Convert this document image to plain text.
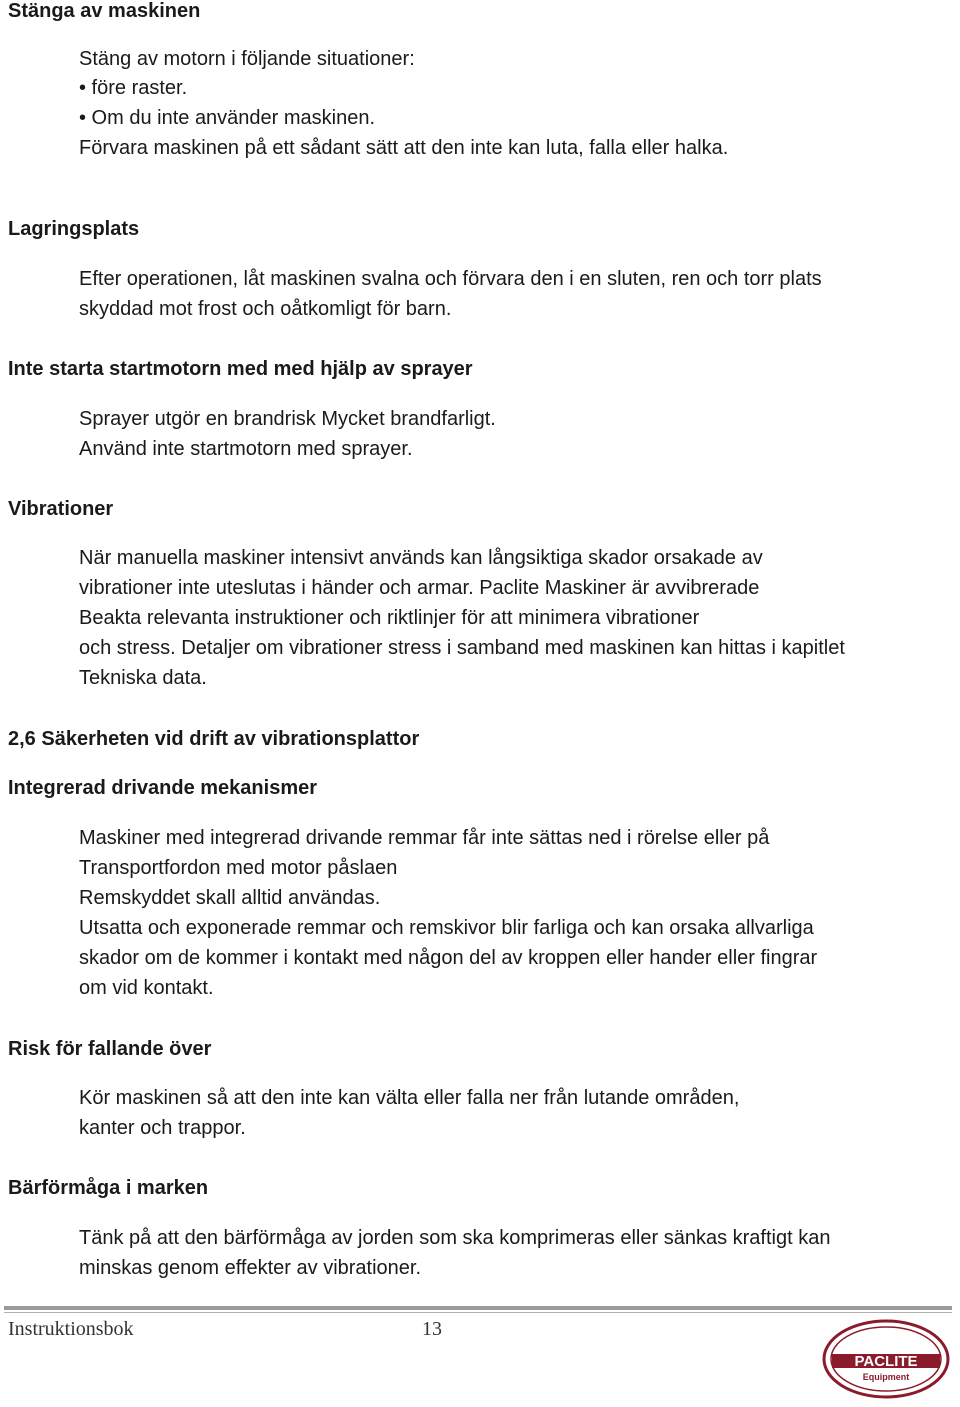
Stänga av maskinen
Stäng av motorn i följande situationer:
• före raster.
• Om du inte använder maskinen.
Förvara maskinen på ett sådant sätt att den inte kan luta, falla eller halka.
Lagringsplats
Efter operationen, låt maskinen svalna och förvara den i en sluten, ren och torr plats
skyddad mot frost och oåtkomligt för barn.
Inte starta startmotorn med med hjälp av sprayer
Sprayer utgör en brandrisk Mycket brandfarligt.
Använd inte startmotorn med sprayer.
Vibrationer
När manuella maskiner intensivt används kan långsiktiga skador orsakade av
vibrationer inte uteslutas i händer och armar. Paclite Maskiner är avvibrerade
Beakta relevanta instruktioner och riktlinjer för att minimera vibrationer
och stress. Detaljer om vibrationer stress i samband med maskinen kan hittas i kapitlet
Tekniska data.
2,6 Säkerheten vid drift av vibrationsplattor
Integrerad drivande mekanismer
Maskiner med integrerad drivande remmar får inte sättas ned i rörelse eller på
Transportfordon med motor påslaen
Remskyddet skall alltid användas.
Utsatta och exponerade remmar och remskivor blir farliga och kan orsaka allvarliga
skador om de kommer i kontakt med någon del av kroppen eller hander eller fingrar
om vid kontakt.
Risk för fallande över
Kör maskinen så att den inte kan välta eller falla ner från lutande områden,
kanter och trappor.
Bärförmåga i marken
Tänk på att den bärförmåga av jorden som ska komprimeras eller sänkas kraftigt kan
minskas genom effekter av vibrationer.
Instruktionsbok	13
PACLITE
Equipment
